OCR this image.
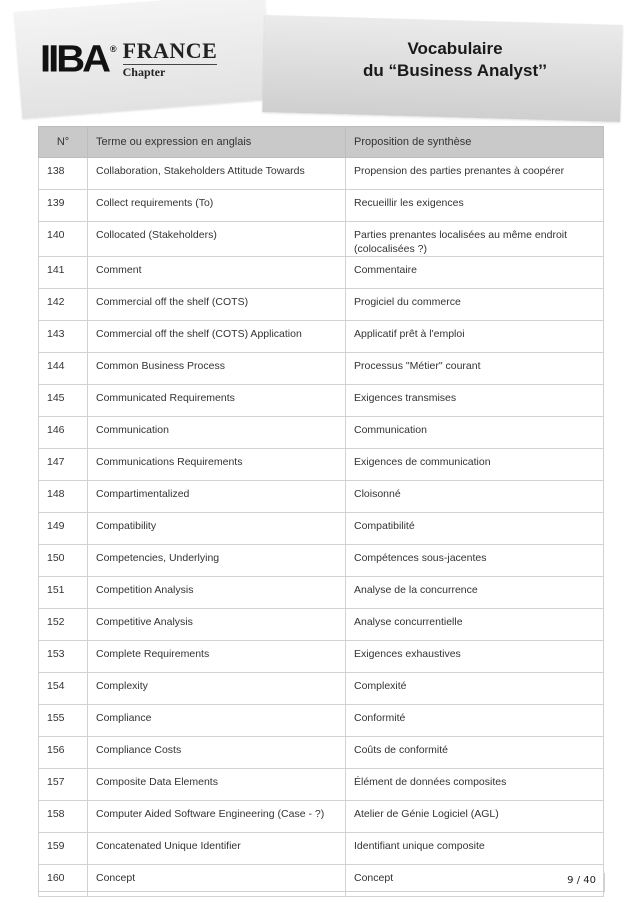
IIBA ® FRANCE
Chapter
Vocabulaire
du “Business Analyst’’
N°	Terme ou expression en anglais	Proposition de synthèse
138	Collaboration, Stakeholders Attitude Towards	Propension des parties prenantes à coopérer
139	Collect requirements (To)	Recueillir les exigences
140	Collocated (Stakeholders)	Parties prenantes localisées au même endroit (colocalisées ?)
141	Comment	Commentaire
142	Commercial off the shelf (COTS)	Progiciel du commerce
143	Commercial off the shelf (COTS) Application	Applicatif prêt à l'emploi
144	Common Business Process	Processus "Métier" courant
145	Communicated Requirements	Exigences transmises
146	Communication	Communication
147	Communications Requirements	Exigences de communication
148	Compartimentalized	Cloisonné
149	Compatibility	Compatibilité
150	Competencies, Underlying	Compétences sous-jacentes
151	Competition Analysis	Analyse de la concurrence
152	Competitive Analysis	Analyse concurrentielle
153	Complete Requirements	Exigences exhaustives
154	Complexity	Complexité
155	Compliance	Conformité
156	Compliance Costs	Coûts de conformité
157	Composite Data Elements	Élément de données composites
158	Computer Aided Software Engineering (Case - ?)	Atelier de Génie Logiciel (AGL)
159	Concatenated Unique Identifier	Identifiant unique composite
160	Concept	Concept	9 / 40
